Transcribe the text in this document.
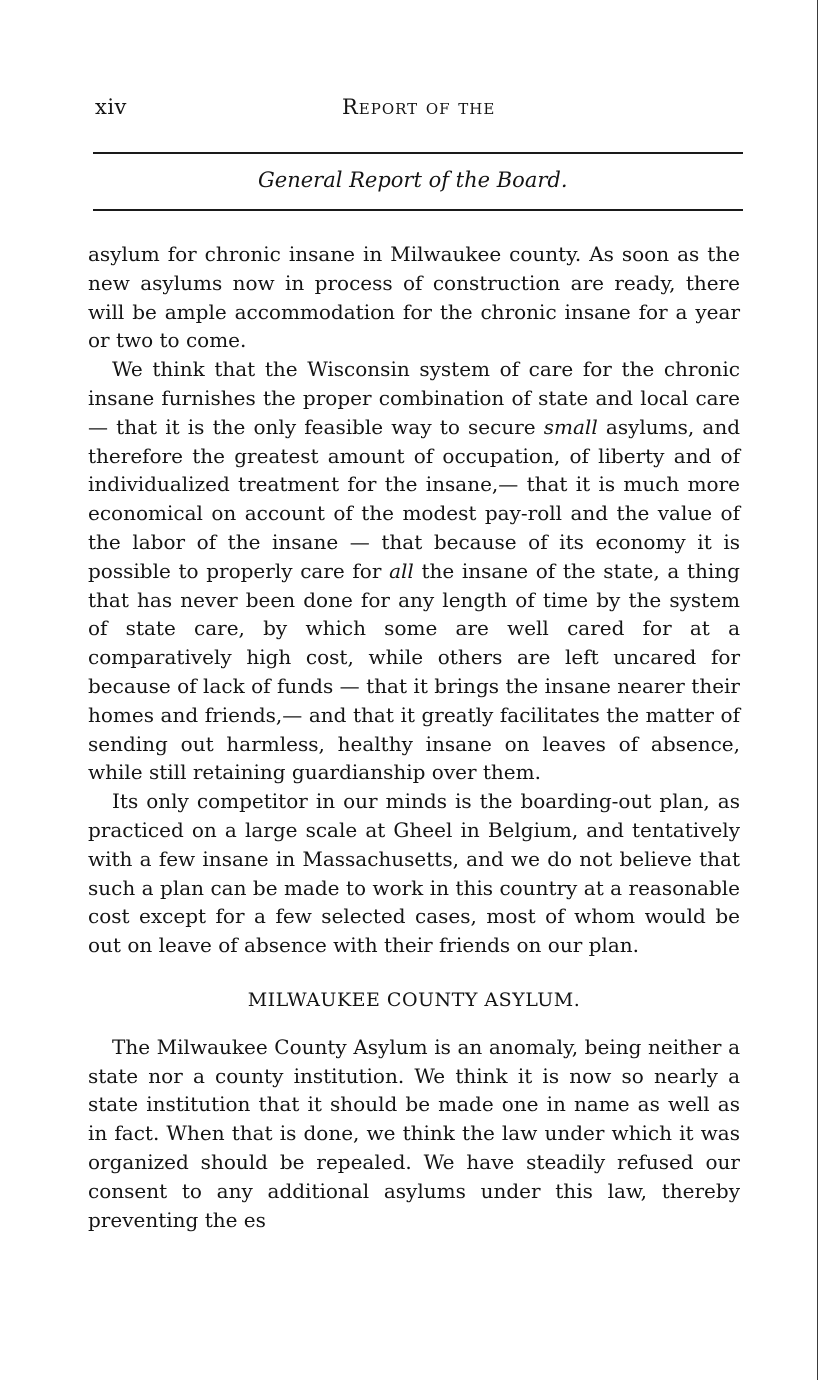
xiv	Report of the
General Report of the Board.

asylum for chronic insane in Milwaukee county. As soon as the new asylums now in process of construction are ready, there will be ample accommodation for the chronic insane for a year or two to come.

We think that the Wisconsin system of care for the chronic insane furnishes the proper combination of state and local care — that it is the only feasible way to secure small asylums, and therefore the greatest amount of occupation, of liberty and of individualized treatment for the insane,— that it is much more economical on account of the modest pay-roll and the value of the labor of the insane — that because of its economy it is possible to properly care for all the insane of the state, a thing that has never been done for any length of time by the system of state care, by which some are well cared for at a comparatively high cost, while others are left uncared for because of lack of funds — that it brings the insane nearer their homes and friends,— and that it greatly facilitates the matter of sending out harmless, healthy insane on leaves of absence, while still retaining guardianship over them.

Its only competitor in our minds is the boarding-out plan, as practiced on a large scale at Gheel in Belgium, and tentatively with a few insane in Massachusetts, and we do not believe that such a plan can be made to work in this country at a reasonable cost except for a few selected cases, most of whom would be out on leave of absence with their friends on our plan.

MILWAUKEE COUNTY ASYLUM.

The Milwaukee County Asylum is an anomaly, being neither a state nor a county institution. We think it is now so nearly a state institution that it should be made one in name as well as in fact. When that is done, we think the law under which it was organized should be repealed. We have steadily refused our consent to any additional asylums under this law, thereby preventing the es
